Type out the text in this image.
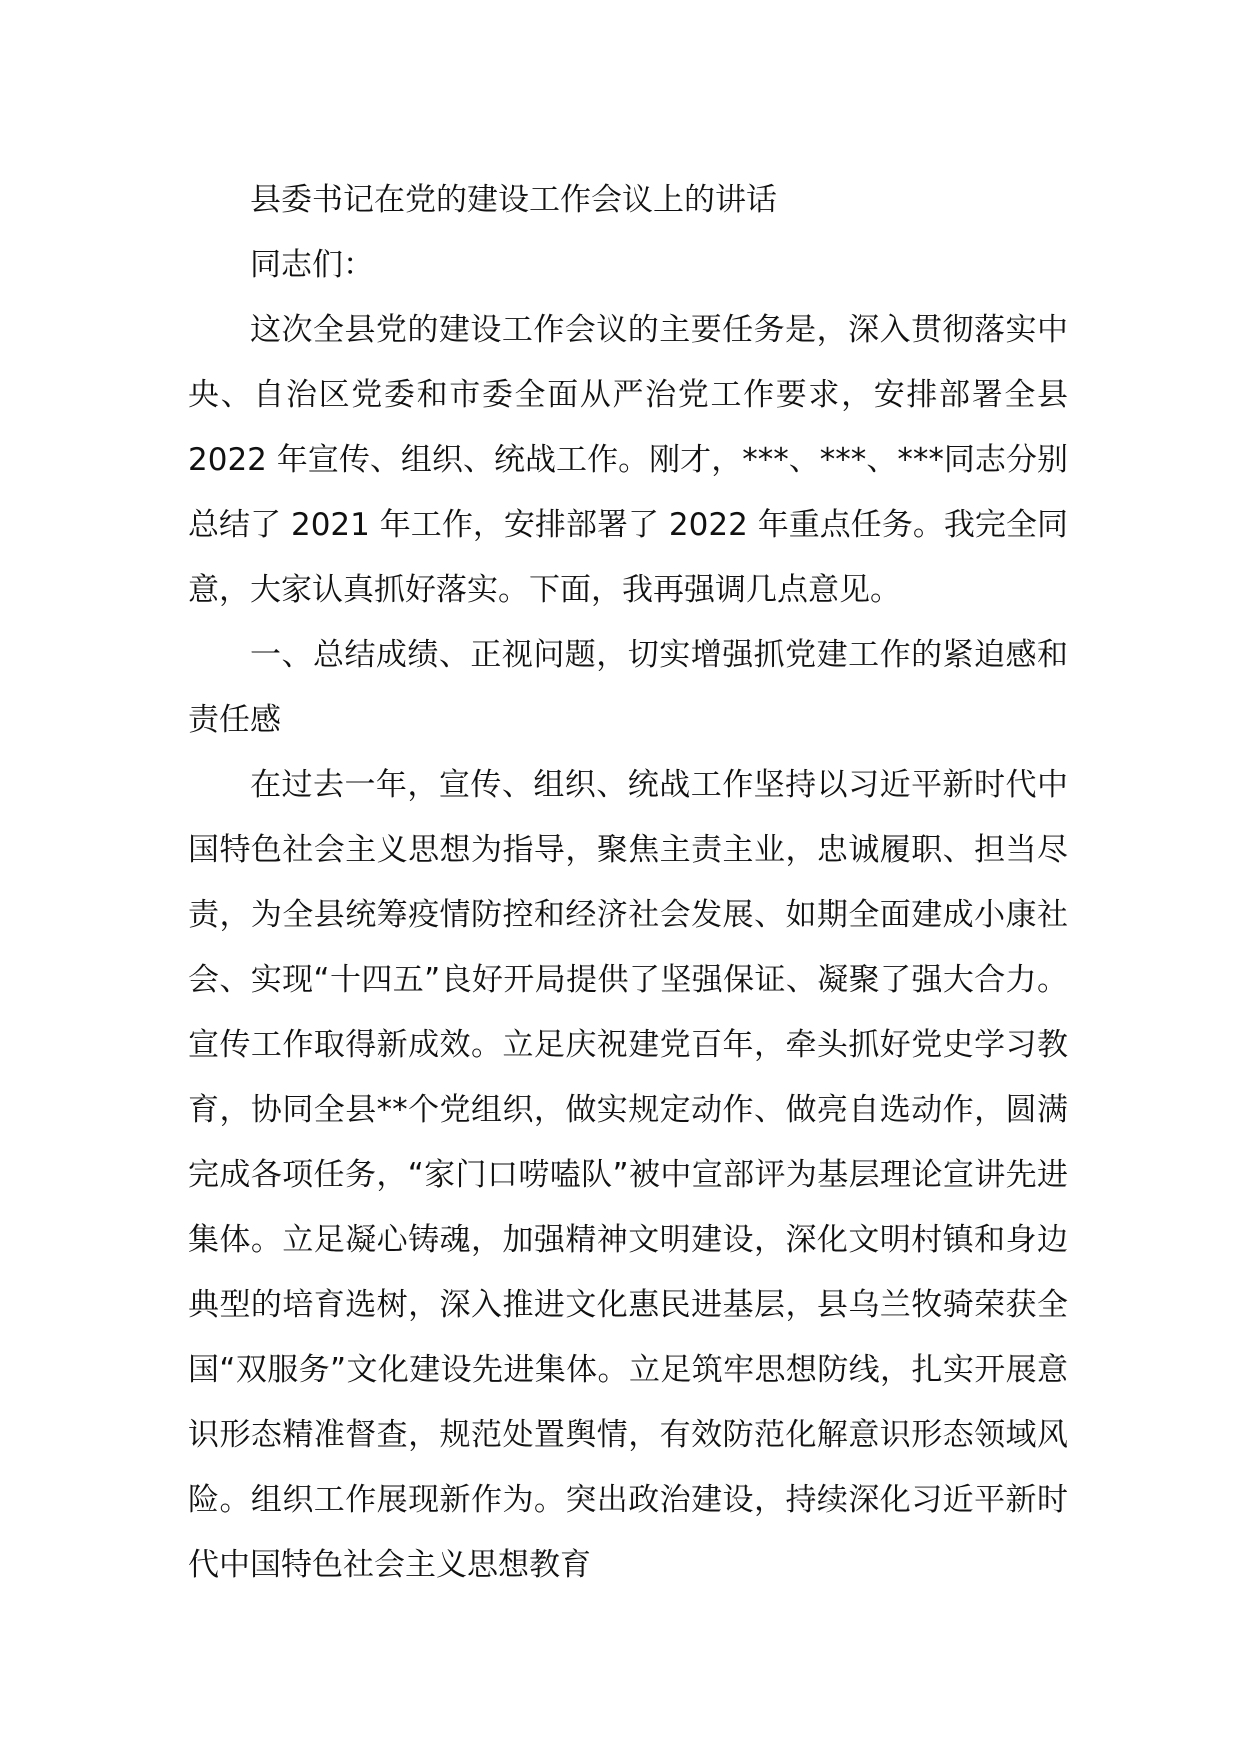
县委书记在党的建设工作会议上的讲话

同志们：

这次全县党的建设工作会议的主要任务是，深入贯彻落实中央、自治区党委和市委全面从严治党工作要求，安排部署全县 2022 年宣传、组织、统战工作。刚才，***、***、***同志分别总结了 2021 年工作，安排部署了 2022 年重点任务。我完全同意，大家认真抓好落实。下面，我再强调几点意见。

一、总结成绩、正视问题，切实增强抓党建工作的紧迫感和责任感

在过去一年，宣传、组织、统战工作坚持以习近平新时代中国特色社会主义思想为指导，聚焦主责主业，忠诚履职、担当尽责，为全县统筹疫情防控和经济社会发展、如期全面建成小康社会、实现“十四五”良好开局提供了坚强保证、凝聚了强大合力。宣传工作取得新成效。立足庆祝建党百年，牵头抓好党史学习教育，协同全县**个党组织，做实规定动作、做亮自选动作，圆满完成各项任务，“家门口唠嗑队”被中宣部评为基层理论宣讲先进集体。立足凝心铸魂，加强精神文明建设，深化文明村镇和身边典型的培育选树，深入推进文化惠民进基层，县乌兰牧骑荣获全国“双服务”文化建设先进集体。立足筑牢思想防线，扎实开展意识形态精准督查，规范处置舆情，有效防范化解意识形态领域风险。组织工作展现新作为。突出政治建设，持续深化习近平新时代中国特色社会主义思想教育
